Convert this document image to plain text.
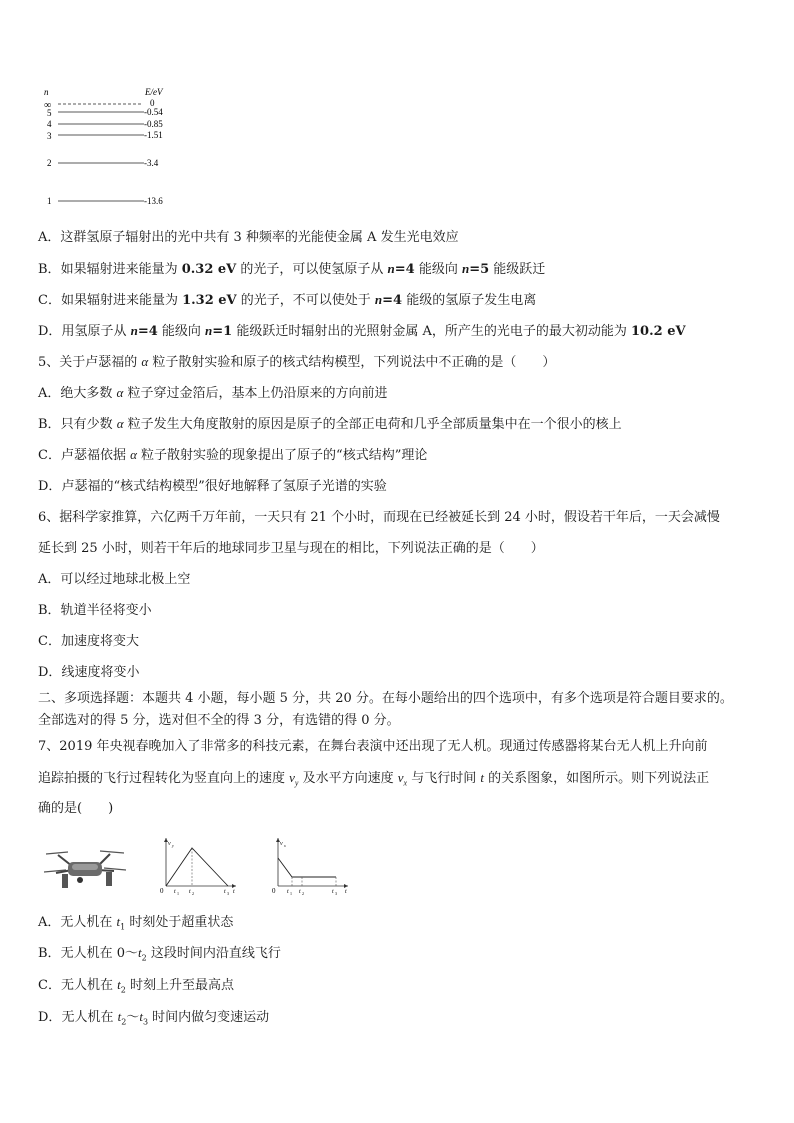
n	E/eV
∞	0
5	-0.54
4	-0.85
3	-1.51
2	-3.4
1	-13.6
A．这群氢原子辐射出的光中共有 3 种频率的光能使金属 A 发生光电效应
B．如果辐射进来能量为 0.32 eV 的光子，可以使氢原子从 n=4 能级向 n=5 能级跃迁
C．如果辐射进来能量为 1.32 eV 的光子，不可以使处于 n=4 能级的氢原子发生电离
D．用氢原子从 n=4 能级向 n=1 能级跃迁时辐射出的光照射金属 A，所产生的光电子的最大初动能为 10.2 eV
5、关于卢瑟福的 α 粒子散射实验和原子的核式结构模型，下列说法中不正确的是（　　）
A．绝大多数 α 粒子穿过金箔后，基本上仍沿原来的方向前进
B．只有少数 α 粒子发生大角度散射的原因是原子的全部正电荷和几乎全部质量集中在一个很小的核上
C．卢瑟福依据 α 粒子散射实验的现象提出了原子的“核式结构”理论
D．卢瑟福的“核式结构模型”很好地解释了氢原子光谱的实验
6、据科学家推算，六亿两千万年前，一天只有 21 个小时，而现在已经被延长到 24 小时，假设若干年后，一天会减慢
延长到 25 小时，则若干年后的地球同步卫星与现在的相比，下列说法正确的是（　　）
A．可以经过地球北极上空
B．轨道半径将变小
C．加速度将变大
D．线速度将变小
二、多项选择题：本题共 4 小题，每小题 5 分，共 20 分。在每小题给出的四个选项中，有多个选项是符合题目要求的。
全部选对的得 5 分，选对但不全的得 3 分，有选错的得 0 分。
7、2019 年央视春晚加入了非常多的科技元素，在舞台表演中还出现了无人机。现通过传感器将某台无人机上升向前
追踪拍摄的飞行过程转化为竖直向上的速度 $v_y$ 及水平方向速度 $v_x$ 与飞行时间 t 的关系图象，如图所示。则下列说法正
确的是(　　)
v y
0 t 1 t 2	t 3 t
v x
0 t 1 t 2	t 3 t
A．无人机在 $t_1$ 时刻处于超重状态
B．无人机在 $0\sim t_2$ 这段时间内沿直线飞行
C．无人机在 $t_2$ 时刻上升至最高点
D．无人机在 $t_2\sim t_3$ 时间内做匀变速运动
